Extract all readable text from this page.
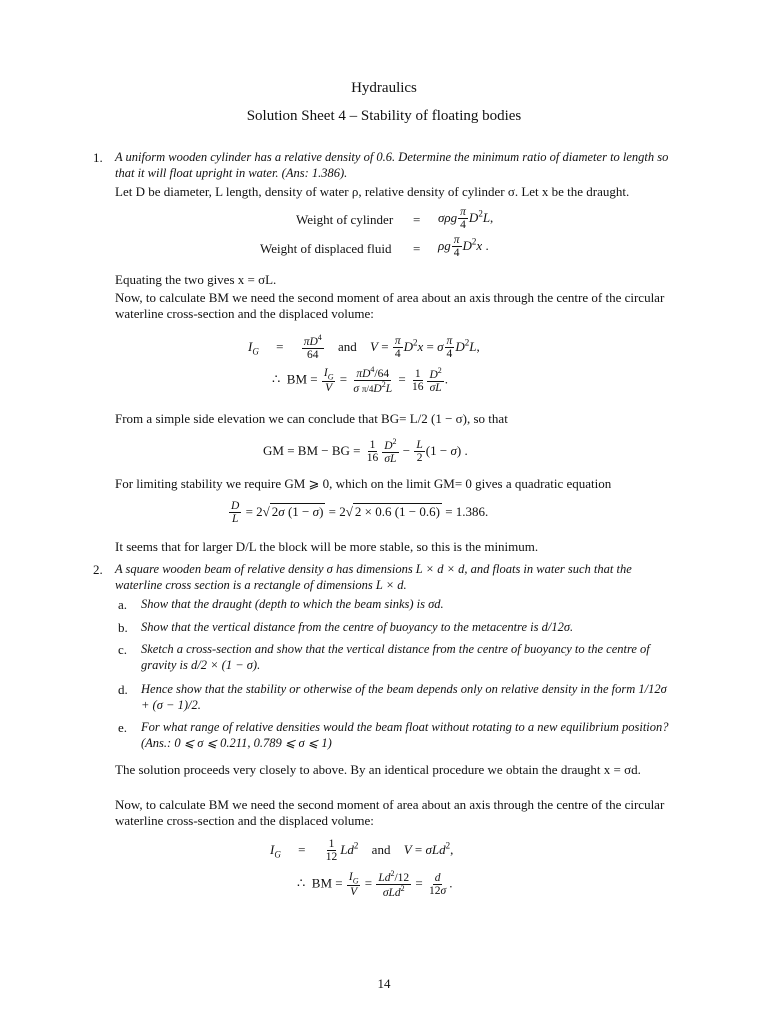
Hydraulics
Solution Sheet 4 – Stability of floating bodies
1. A uniform wooden cylinder has a relative density of 0.6. Determine the minimum ratio of diameter to length so that it will float upright in water. (Ans: 1.386).
Let D be diameter, L length, density of water ρ, relative density of cylinder σ. Let x be the draught.
Weight of cylinder = σρg $\frac{\pi}{4} D^2L$,
Weight of displaced fluid = ρg $\frac{\pi}{4} D^2x$ .
Equating the two gives x = σL.
Now, to calculate BM we need the second moment of area about an axis through the centre of the circular waterline cross-section and the displaced volume:
$I_G = \frac{\pi D^4}{64}$ and $V = \frac{\pi}{4} D^2x = \sigma \frac{\pi}{4} D^2L$,
∴  BM = $\frac{I_G}{V} = \frac{\pi D^4/64}{\sigma \pi/4D^2L} = \frac{1}{16} \frac{D^2}{\sigma L}$ .
From a simple side elevation we can conclude that BG= L/2 (1 − σ), so that
GM = BM − BG = $\frac{1}{16} \frac{D^2}{\sigma L} - \frac{L}{2} (1 - \sigma)$ .
For limiting stability we require GM ⩾ 0, which on the limit GM= 0 gives a quadratic equation
$\frac{D}{L} = 2√$ 2σ (1 − σ) = 2√ 2 × 0.6 (1 − 0.6) = 1.386.
It seems that for larger D/L the block will be more stable, so this is the minimum.
2. A square wooden beam of relative density σ has dimensions L × d × d, and floats in water such that the waterline cross section is a rectangle of dimensions L × d.
a. Show that the draught (depth to which the beam sinks) is σd.
b. Show that the vertical distance from the centre of buoyancy to the metacentre is d/12σ.
c. Sketch a cross-section and show that the vertical distance from the centre of buoyancy to the centre of gravity is d/2 × (1 − σ).
d. Hence show that the stability or otherwise of the beam depends only on relative density in the form 1/12σ + (σ − 1)/2.
e. For what range of relative densities would the beam float without rotating to a new equilibrium position? (Ans.: 0 ⩽ σ ⩽ 0.211, 0.789 ⩽ σ ⩽ 1)
The solution proceeds very closely to above. By an identical procedure we obtain the draught x = σd.
Now, to calculate BM we need the second moment of area about an axis through the centre of the circular waterline cross-section and the displaced volume:
$I_G = \frac{1}{12} Ld^2$ and V = σLd$^2$,
∴  BM = $\frac{I_G}{V} = \frac{Ld^2/12}{\sigma Ld^2} = \frac{d}{12\sigma}$ .
14
